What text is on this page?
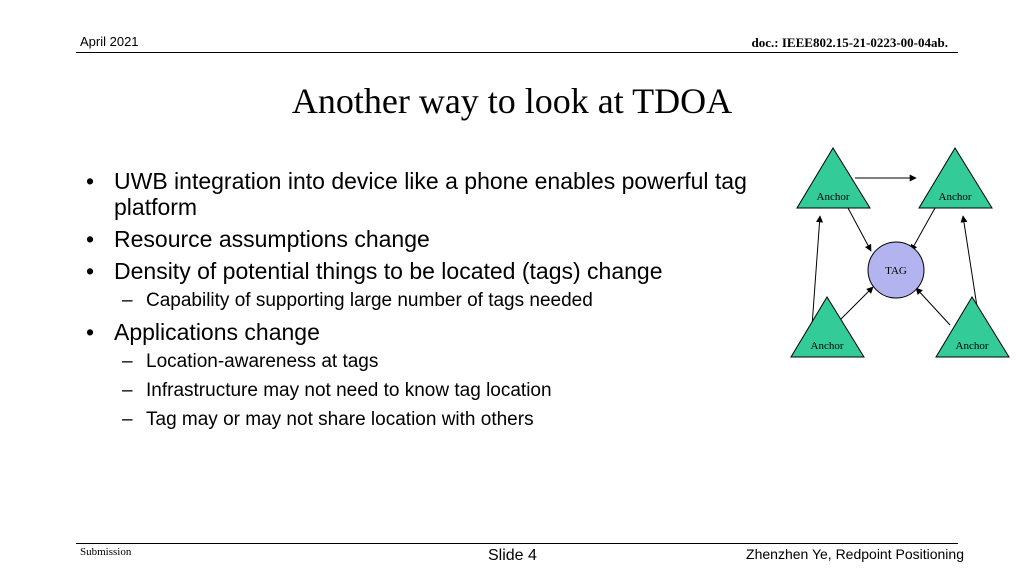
April 2021	doc.: IEEE802.15-21-0223-00-04ab.
Another way to look at TDOA
• UWB integration into device like a phone enables powerful tag platform
• Resource assumptions change
• Density of potential things to be located (tags) change
– Capability of supporting large number of tags needed
• Applications change
– Location-awareness at tags
– Infrastructure may not need to know tag location
– Tag may or may not share location with others
Anchor	Anchor
Anchor	Anchor
TAG
Submission	Slide 4	Zhenzhen Ye, Redpoint Positioning
